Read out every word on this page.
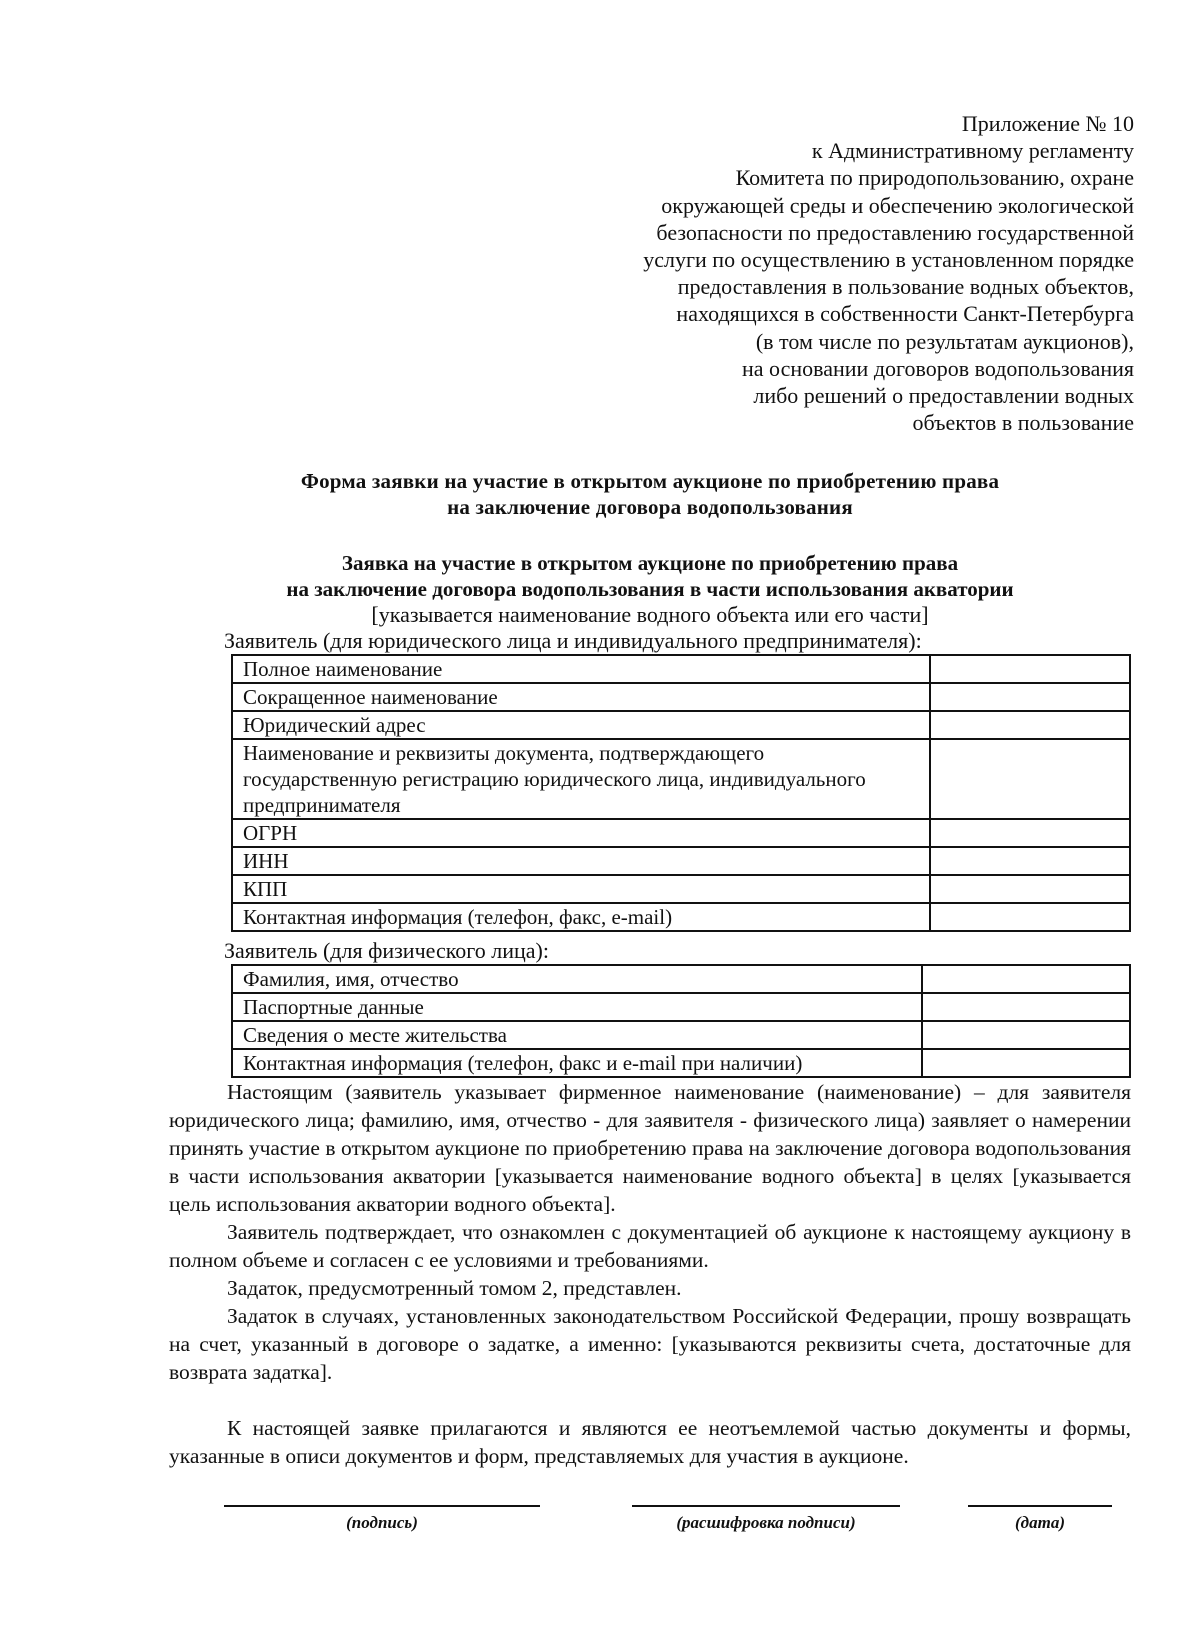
Приложение № 10
к Административному регламенту
Комитета по природопользованию, охране
окружающей среды и обеспечению экологической
безопасности по предоставлению государственной
услуги по осуществлению в установленном порядке
предоставления в пользование водных объектов,
находящихся в собственности Санкт-Петербурга
(в том числе по результатам аукционов),
на основании договоров водопользования
либо решений о предоставлении водных
объектов в пользование
Форма заявки на участие в открытом аукционе по приобретению права
на заключение договора водопользования
Заявка на участие в открытом аукционе по приобретению права
на заключение договора водопользования в части использования акватории
[указывается наименование водного объекта или его части]
Заявитель (для юридического лица и индивидуального предпринимателя):
Полное наименование	
Сокращенное наименование	
Юридический адрес	
Наименование и реквизиты документа, подтверждающего государственную регистрацию юридического лица, индивидуального предпринимателя	
ОГРН	
ИНН	
КПП	
Контактная информация (телефон, факс, e-mail)	
Заявитель (для физического лица):
Фамилия, имя, отчество	
Паспортные данные	
Сведения о месте жительства	
Контактная информация (телефон, факс и e-mail при наличии)	

Настоящим (заявитель указывает фирменное наименование (наименование) – для заявителя юридического лица; фамилию, имя, отчество - для заявителя - физического лица) заявляет о намерении принять участие в открытом аукционе по приобретению права на заключение договора водопользования в части использования акватории [указывается наименование водного объекта] в целях [указывается цель использования акватории водного объекта].

Заявитель подтверждает, что ознакомлен с документацией об аукционе к настоящему аукциону в полном объеме и согласен с ее условиями и требованиями.

Задаток, предусмотренный томом 2, представлен.

Задаток в случаях, установленных законодательством Российской Федерации, прошу возвращать на счет, указанный в договоре о задатке, а именно: [указываются реквизиты счета, достаточные для возврата задатка].

К настоящей заявке прилагаются и являются ее неотъемлемой частью документы и формы, указанные в описи документов и форм, представляемых для участия в аукционе.

(подпись)	(расшифровка подписи)	(дата)
